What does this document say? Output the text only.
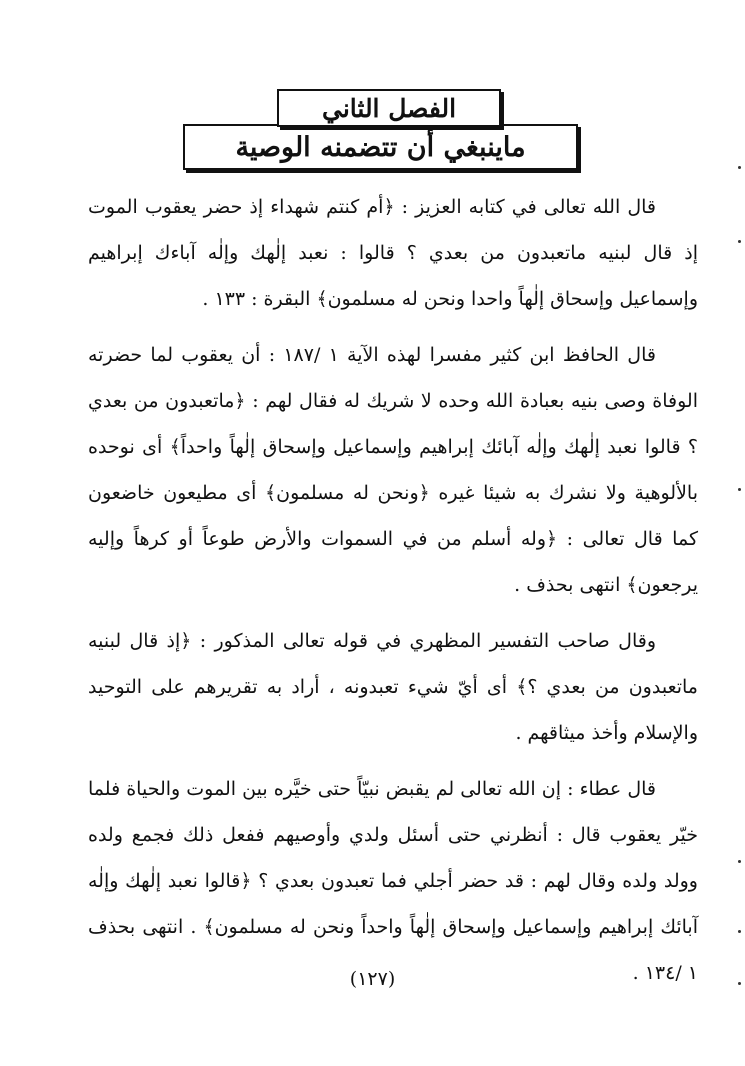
ماينبغي أن تتضمنه الوصية
الفصل الثاني

قال الله تعالى في كتابه العزيز : ﴿أم كنتم شهداء إذ حضر يعقوب الموت إذ قال لبنيه ماتعبدون من بعدي ؟ قالوا : نعبد إلٰهك وإلٰه آباءك إبراهيم وإسماعيل وإسحاق إلٰهاً واحدا ونحن له مسلمون﴾ البقرة : ١٣٣ .

قال الحافظ ابن كثير مفسرا لهذه الآية ١ /١٨٧ : أن يعقوب لما حضرته الوفاة وصى بنيه بعبادة الله وحده لا شريك له فقال لهم : ﴿ماتعبدون من بعدي ؟ قالوا نعبد إلٰهك وإلٰه آبائك إبراهيم وإسماعيل وإسحاق إلٰهاً واحداً﴾ أى نوحده بالألوهية ولا نشرك به شيئا غيره ﴿ونحن له مسلمون﴾ أى مطيعون خاضعون كما قال تعالى : ﴿وله أسلم من في السموات والأرض طوعاً أو كرهاً وإليه يرجعون﴾ انتهى بحذف .

وقال صاحب التفسير المظهري في قوله تعالى المذكور : ﴿إذ قال لبنيه ماتعبدون من بعدي ؟﴾ أى أيّ شيء تعبدونه ، أراد به تقريرهم على التوحيد والإسلام وأخذ ميثاقهم .

قال عطاء : إن الله تعالى لم يقبض نبيّاً حتى خيَّره بين الموت والحياة فلما خيّر يعقوب قال : أنظرني حتى أسئل ولدي وأوصيهم ففعل ذلك فجمع ولده وولد ولده وقال لهم : قد حضر أجلي فما تعبدون بعدي ؟ ﴿قالوا نعبد إلٰهك وإلٰه آبائك إبراهيم وإسماعيل وإسحاق إلٰهاً واحداً ونحن له مسلمون﴾ . انتهى بحذف ١ /١٣٤ .

(١٢٧)
